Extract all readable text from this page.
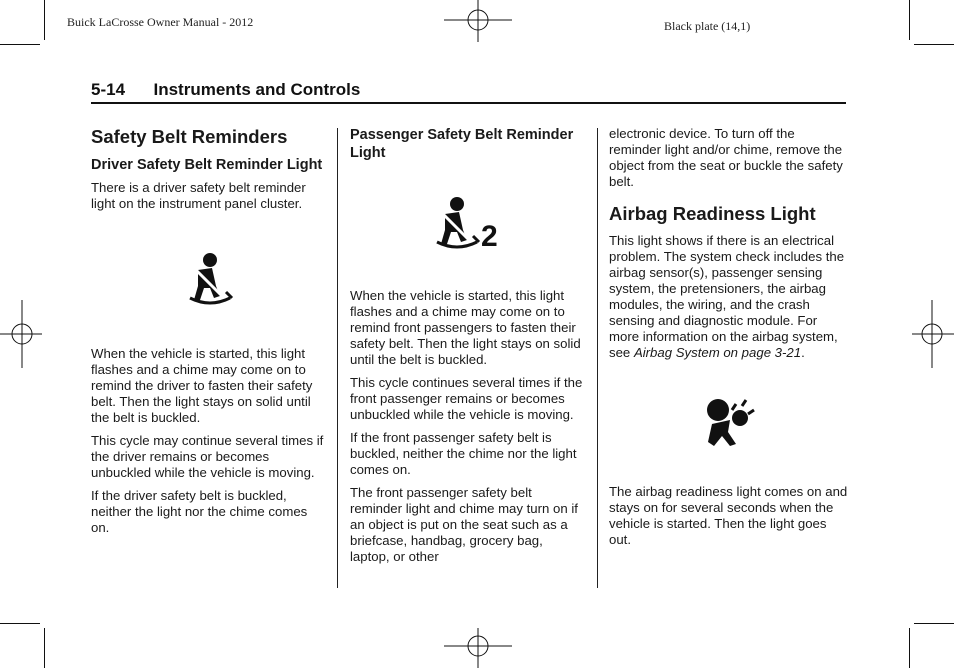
Buick LaCrosse Owner Manual - 2012	Black plate (14,1)
5-14 Instruments and Controls
Safety Belt Reminders
Driver Safety Belt Reminder Light

There is a driver safety belt reminder light on the instrument panel cluster.

When the vehicle is started, this light flashes and a chime may come on to remind the driver to fasten their safety belt. Then the light stays on solid until the belt is buckled.

This cycle may continue several times if the driver remains or becomes unbuckled while the vehicle is moving.

If the driver safety belt is buckled, neither the light nor the chime comes on.

Passenger Safety Belt Reminder Light
2

When the vehicle is started, this light flashes and a chime may come on to remind front passengers to fasten their safety belt. Then the light stays on solid until the belt is buckled.

This cycle continues several times if the front passenger remains or becomes unbuckled while the vehicle is moving.

If the front passenger safety belt is buckled, neither the chime nor the light comes on.

The front passenger safety belt reminder light and chime may turn on if an object is put on the seat such as a briefcase, handbag, grocery bag, laptop, or other

electronic device. To turn off the reminder light and/or chime, remove the object from the seat or buckle the safety belt.

Airbag Readiness Light

This light shows if there is an electrical problem. The system check includes the airbag sensor(s), passenger sensing system, the pretensioners, the airbag modules, the wiring, and the crash sensing and diagnostic module. For more information on the airbag system, see Airbag System on page 3-21.

The airbag readiness light comes on and stays on for several seconds when the vehicle is started. Then the light goes out.
